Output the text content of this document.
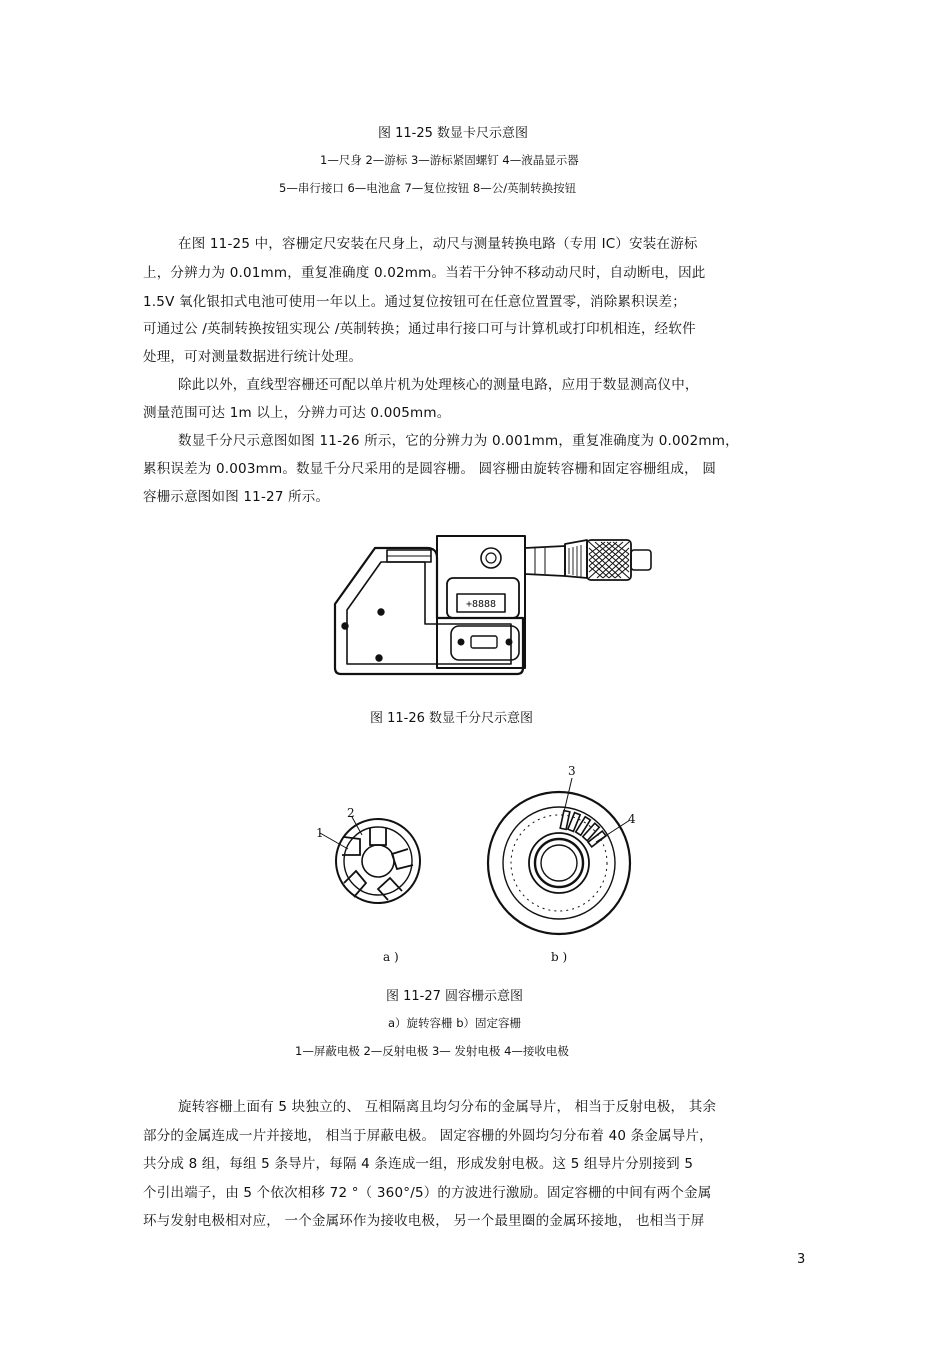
图 11-25 数显卡尺示意图
1—尺身 2—游标 3—游标紧固螺钉 4—液晶显示器
5—串行接口 6—电池盒 7—复位按钮 8—公/英制转换按钮
在图 11-25 中，容栅定尺安装在尺身上，动尺与测量转换电路（专用 IC）安装在游标
上，分辨力为 0.01mm，重复准确度 0.02mm。当若干分钟不移动动尺时，自动断电，因此
1.5V 氧化银扣式电池可使用一年以上。通过复位按钮可在任意位置置零，消除累积误差；
可通过公 /英制转换按钮实现公 /英制转换；通过串行接口可与计算机或打印机相连，经软件
处理，可对测量数据进行统计处理。
除此以外，直线型容栅还可配以单片机为处理核心的测量电路，应用于数显测高仪中，
测量范围可达 1m 以上，分辨力可达 0.005mm。
数显千分尺示意图如图 11-26 所示，它的分辨力为 0.001mm，重复准确度为 0.002mm，
累积误差为 0.003mm。数显千分尺采用的是圆容栅。 圆容栅由旋转容栅和固定容栅组成， 圆
容栅示意图如图 11-27 所示。
+8888
图 11-26 数显千分尺示意图
1
2
3
4
a )	b )
图 11-27 圆容栅示意图
a）旋转容栅 b）固定容栅
1—屏蔽电极 2—反射电极 3— 发射电极 4—接收电极
旋转容栅上面有 5 块独立的、 互相隔离且均匀分布的金属导片， 相当于反射电极， 其余
部分的金属连成一片并接地， 相当于屏蔽电极。 固定容栅的外圆均匀分布着 40 条金属导片，
共分成 8 组，每组 5 条导片，每隔 4 条连成一组，形成发射电极。这 5 组导片分别接到 5
个引出端子，由 5 个依次相移 72 °（ 360°/5）的方波进行激励。固定容栅的中间有两个金属
环与发射电极相对应， 一个金属环作为接收电极， 另一个最里圈的金属环接地， 也相当于屏
3
